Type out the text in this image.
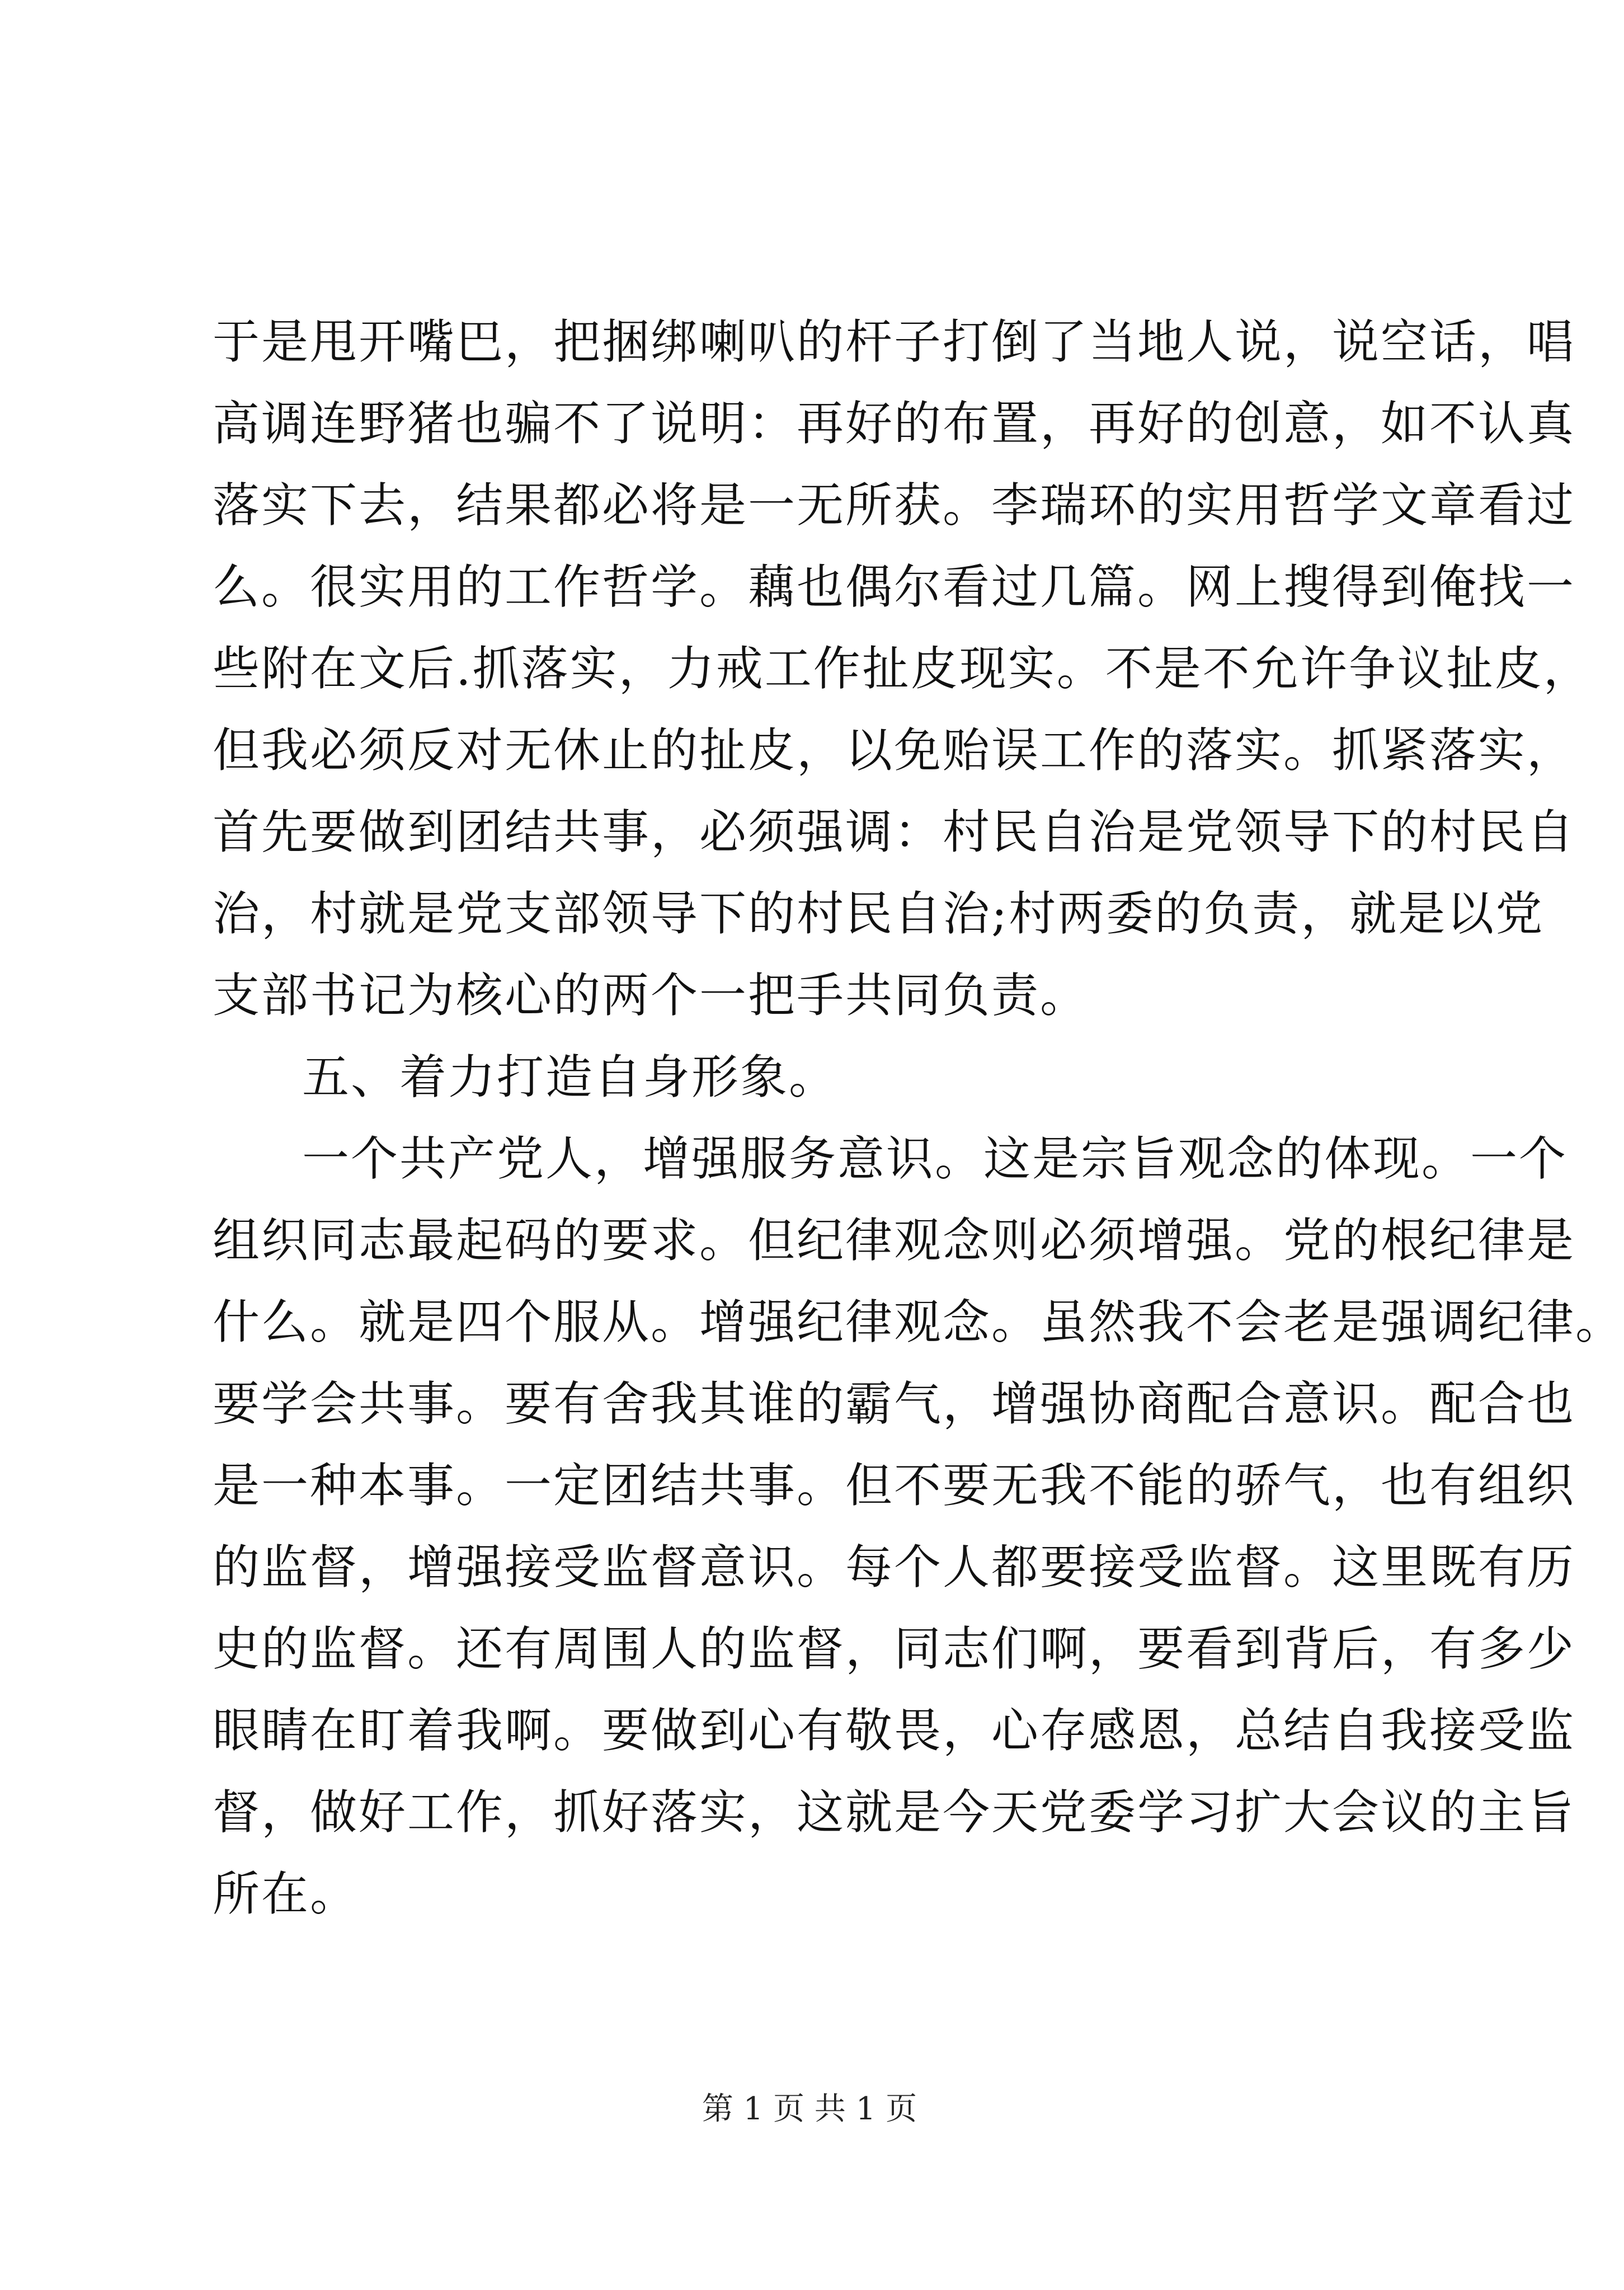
于是甩开嘴巴，把捆绑喇叭的杆子打倒了当地人说，说空话，唱
高调连野猪也骗不了说明：再好的布置，再好的创意，如不认真
落实下去，结果都必将是一无所获。李瑞环的实用哲学文章看过
么。很实用的工作哲学。藕也偶尔看过几篇。网上搜得到俺找一
些附在文后.抓落实，力戒工作扯皮现实。不是不允许争议扯皮，
但我必须反对无休止的扯皮，以免贻误工作的落实。抓紧落实，
首先要做到团结共事，必须强调：村民自治是党领导下的村民自
治，村就是党支部领导下的村民自治;村两委的负责，就是以党
支部书记为核心的两个一把手共同负责。
五、着力打造自身形象。
一个共产党人，增强服务意识。这是宗旨观念的体现。一个
组织同志最起码的要求。但纪律观念则必须增强。党的根纪律是
什么。就是四个服从。增强纪律观念。虽然我不会老是强调纪律。
要学会共事。要有舍我其谁的霸气，增强协商配合意识。配合也
是一种本事。一定团结共事。但不要无我不能的骄气，也有组织
的监督，增强接受监督意识。每个人都要接受监督。这里既有历
史的监督。还有周围人的监督，同志们啊，要看到背后，有多少
眼睛在盯着我啊。要做到心有敬畏，心存感恩，总结自我接受监
督，做好工作，抓好落实，这就是今天党委学习扩大会议的主旨
所在。
第 1 页 共 1 页
